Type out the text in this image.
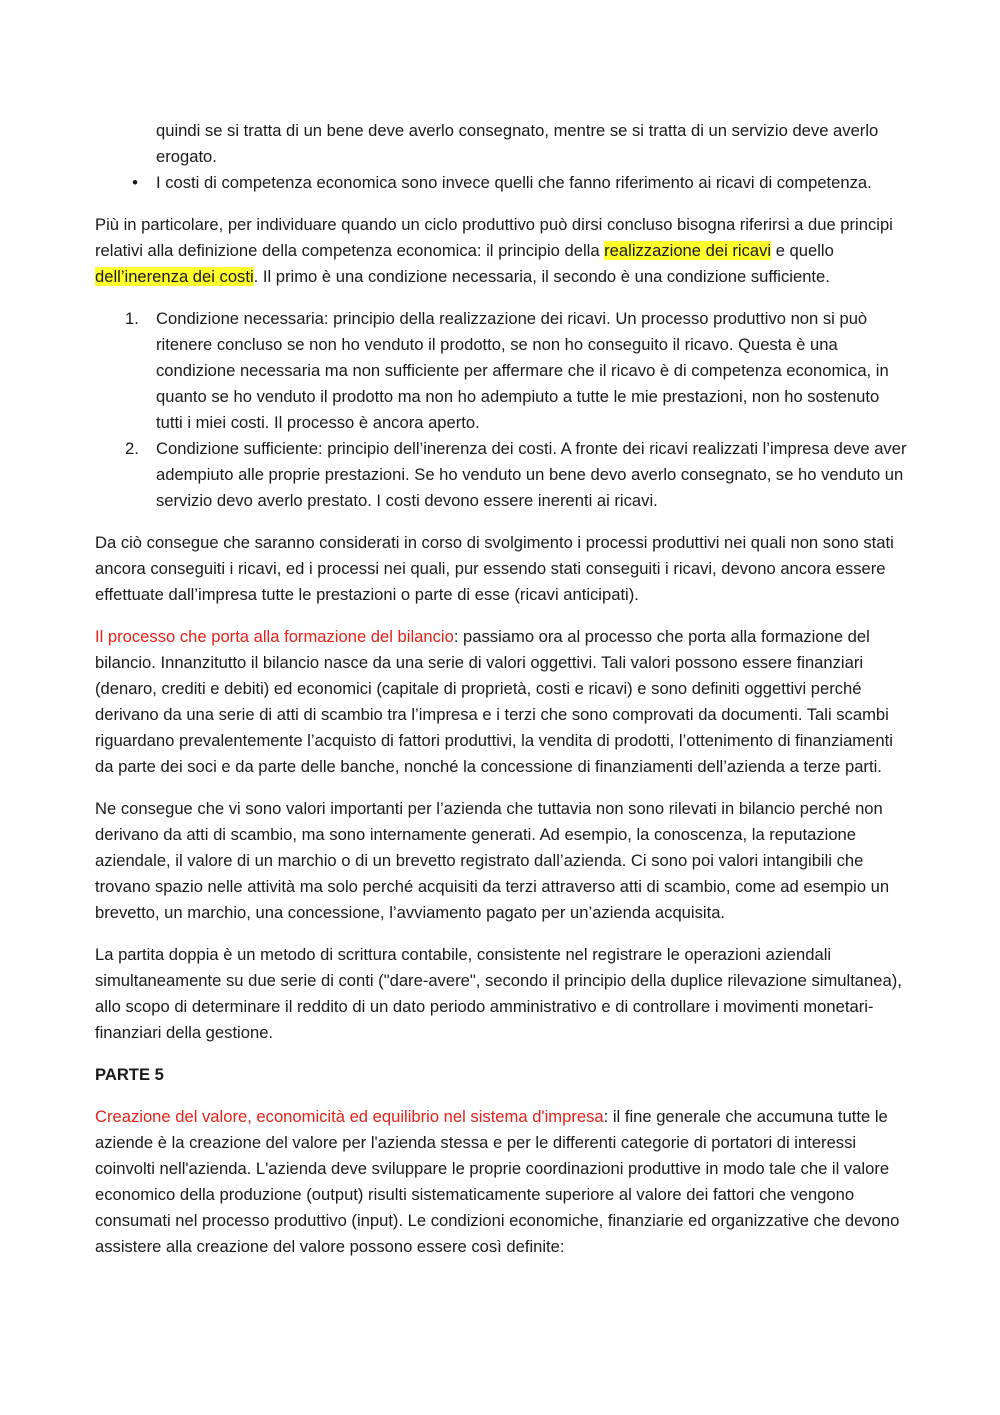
quindi se si tratta di un bene deve averlo consegnato, mentre se si tratta di un servizio deve averlo erogato.

•	I costi di competenza economica sono invece quelli che fanno riferimento ai ricavi di competenza.

Più in particolare, per individuare quando un ciclo produttivo può dirsi concluso bisogna riferirsi a due principi relativi alla definizione della competenza economica: il principio della realizzazione dei ricavi e quello dell’inerenza dei costi. Il primo è una condizione necessaria, il secondo è una condizione sufficiente.

1. Condizione necessaria: principio della realizzazione dei ricavi. Un processo produttivo non si può ritenere concluso se non ho venduto il prodotto, se non ho conseguito il ricavo. Questa è una condizione necessaria ma non sufficiente per affermare che il ricavo è di competenza economica, in quanto se ho venduto il prodotto ma non ho adempiuto a tutte le mie prestazioni, non ho sostenuto tutti i miei costi. Il processo è ancora aperto.
2. Condizione sufficiente: principio dell’inerenza dei costi. A fronte dei ricavi realizzati l’impresa deve aver adempiuto alle proprie prestazioni. Se ho venduto un bene devo averlo consegnato, se ho venduto un servizio devo averlo prestato. I costi devono essere inerenti ai ricavi.

Da ciò consegue che saranno considerati in corso di svolgimento i processi produttivi nei quali non sono stati ancora conseguiti i ricavi, ed i processi nei quali, pur essendo stati conseguiti i ricavi, devono ancora essere effettuate dall’impresa tutte le prestazioni o parte di esse (ricavi anticipati).

Il processo che porta alla formazione del bilancio: passiamo ora al processo che porta alla formazione del bilancio. Innanzitutto il bilancio nasce da una serie di valori oggettivi. Tali valori possono essere finanziari (denaro, crediti e debiti) ed economici (capitale di proprietà, costi e ricavi) e sono definiti oggettivi perché derivano da una serie di atti di scambio tra l’impresa e i terzi che sono comprovati da documenti. Tali scambi riguardano prevalentemente l’acquisto di fattori produttivi, la vendita di prodotti, l’ottenimento di finanziamenti da parte dei soci e da parte delle banche, nonché la concessione di finanziamenti dell’azienda a terze parti.

Ne consegue che vi sono valori importanti per l’azienda che tuttavia non sono rilevati in bilancio perché non derivano da atti di scambio, ma sono internamente generati. Ad esempio, la conoscenza, la reputazione aziendale, il valore di un marchio o di un brevetto registrato dall’azienda. Ci sono poi valori intangibili che trovano spazio nelle attività ma solo perché acquisiti da terzi attraverso atti di scambio, come ad esempio un brevetto, un marchio, una concessione, l’avviamento pagato per un’azienda acquisita.

La partita doppia è un metodo di scrittura contabile, consistente nel registrare le operazioni aziendali simultaneamente su due serie di conti ("dare-avere", secondo il principio della duplice rilevazione simultanea), allo scopo di determinare il reddito di un dato periodo amministrativo e di controllare i movimenti monetari-finanziari della gestione.

PARTE 5

Creazione del valore, economicità ed equilibrio nel sistema d'impresa: il fine generale che accumuna tutte le aziende è la creazione del valore per l'azienda stessa e per le differenti categorie di portatori di interessi coinvolti nell'azienda. L'azienda deve sviluppare le proprie coordinazioni produttive in modo tale che il valore economico della produzione (output) risulti sistematicamente superiore al valore dei fattori che vengono consumati nel processo produttivo (input). Le condizioni economiche, finanziarie ed organizzative che devono assistere alla creazione del valore possono essere così definite:
